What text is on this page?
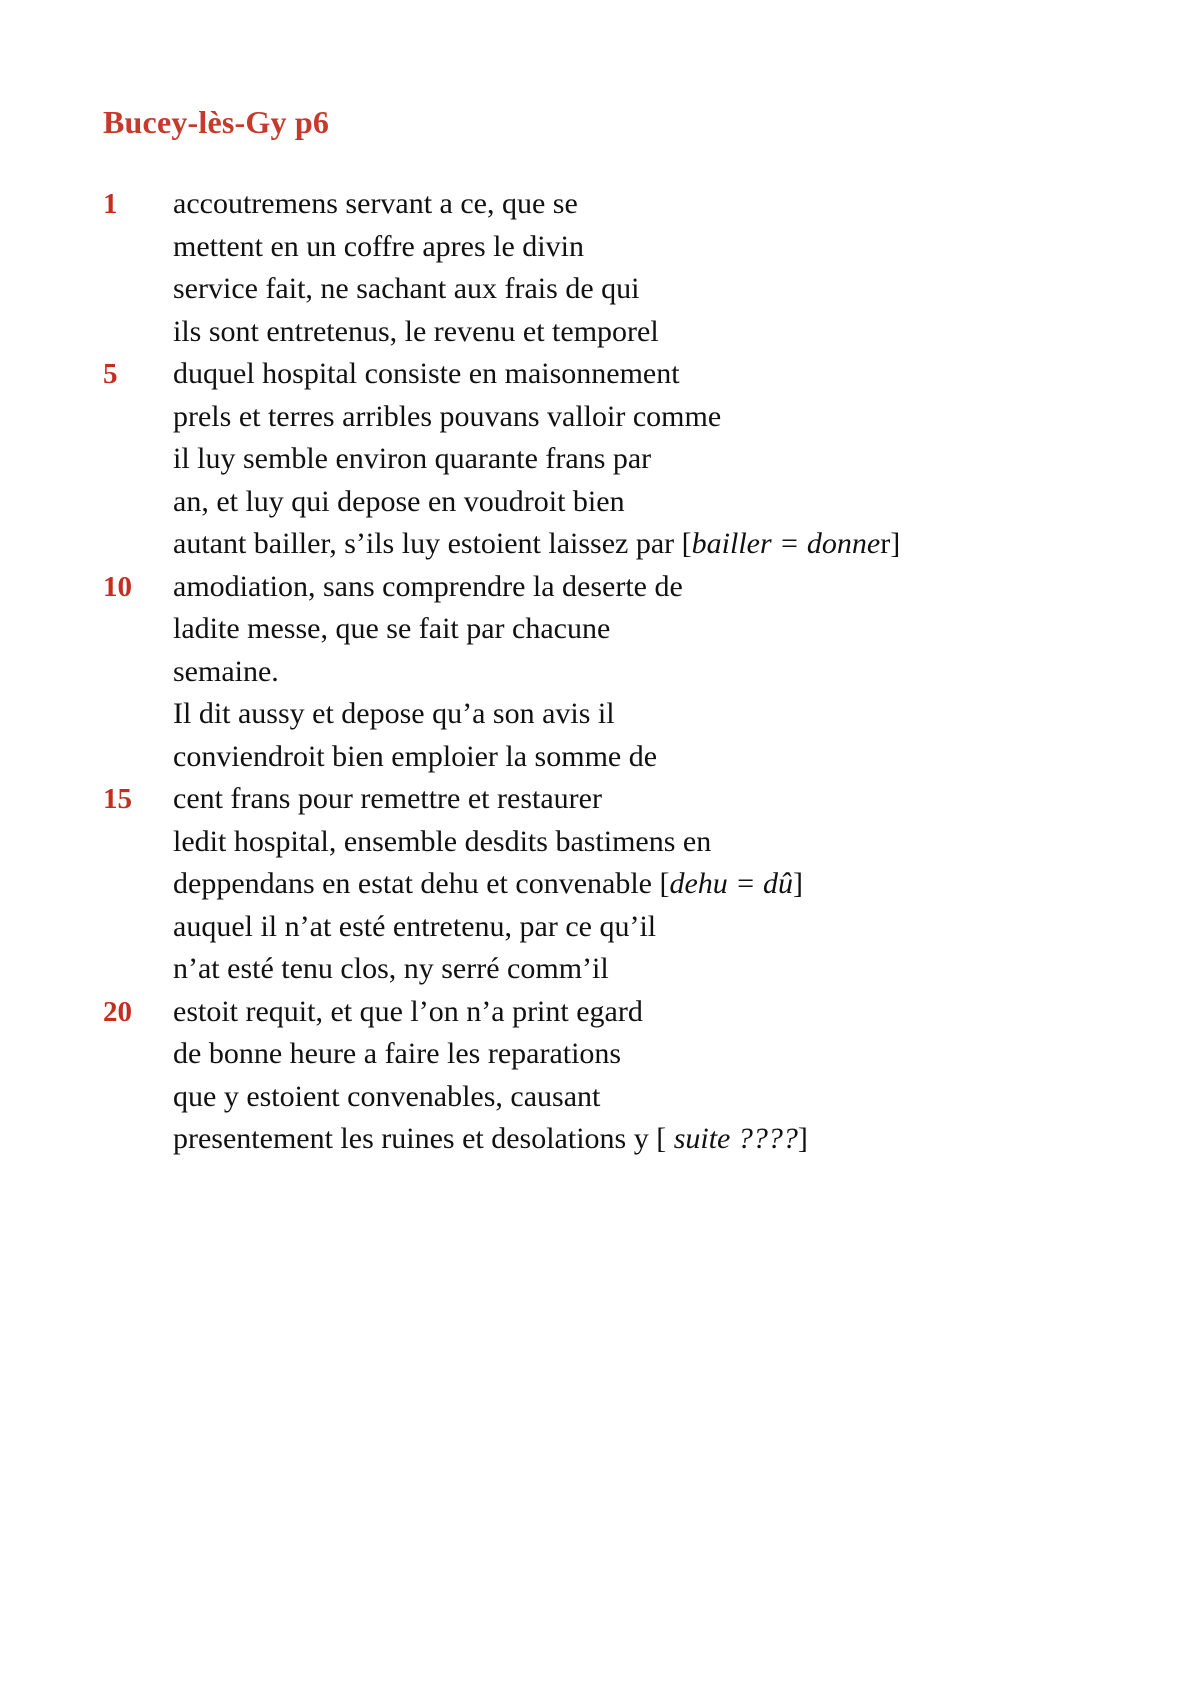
Bucey-lès-Gy p6
1	accoutremens servant a ce, que se
mettent en un coffre apres le divin
service fait, ne sachant aux frais de qui
ils sont entretenus, le revenu et temporel
5	duquel hospital consiste en maisonnement
prels et terres arribles pouvans valloir comme
il luy semble environ quarante frans par
an, et luy qui depose en voudroit bien
autant bailler, s’ils luy estoient laissez par [bailler = donner]
10	amodiation, sans comprendre la deserte de
ladite messe, que se fait par chacune
semaine.
Il dit aussy et depose qu’a son avis il
conviendroit bien emploier la somme de
15	cent frans pour remettre et restaurer
ledit hospital, ensemble desdits bastimens en
deppendans en estat dehu et convenable [dehu = dû]
auquel il n’at esté entretenu, par ce qu’il
n’at esté tenu clos, ny serré comm’il
20	estoit requit, et que l’on n’a print egard
de bonne heure a faire les reparations
que y estoient convenables, causant
presentement les ruines et desolations y [ suite ????]
